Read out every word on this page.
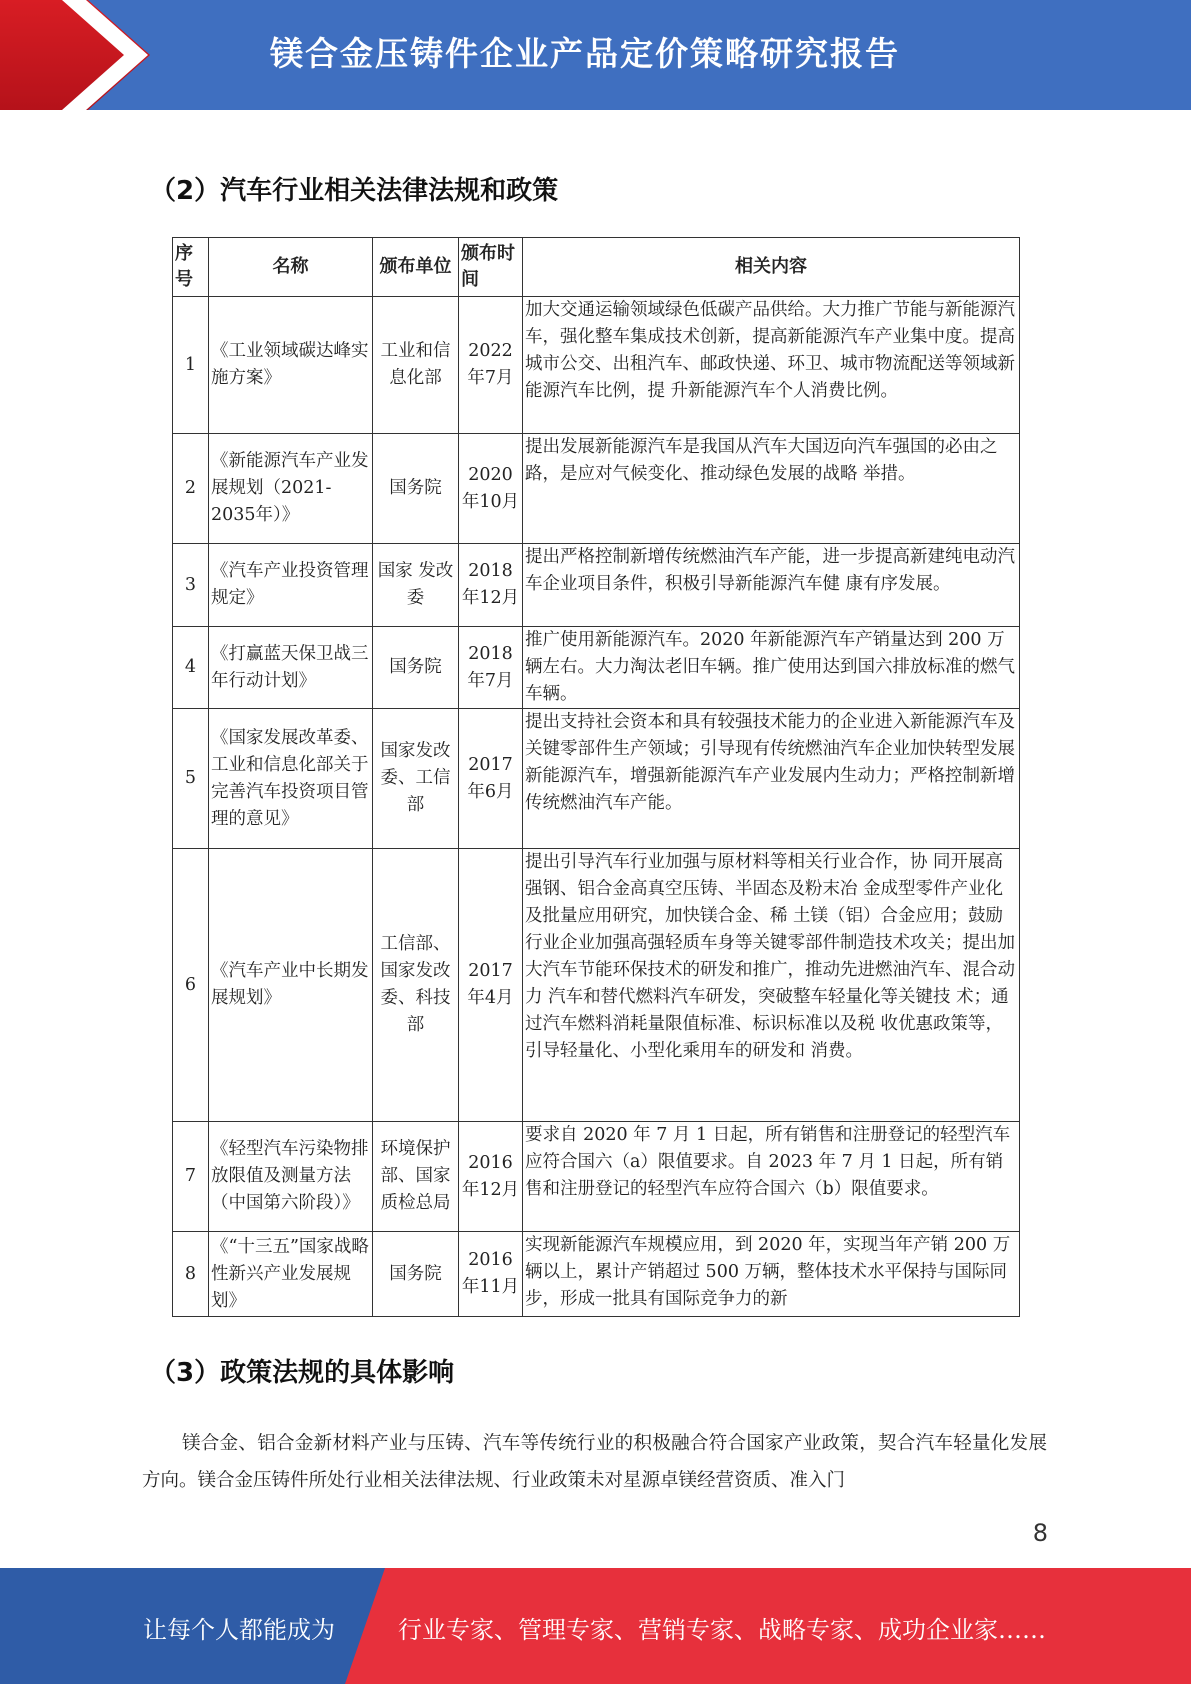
镁合金压铸件企业产品定价策略研究报告
（2）汽车行业相关法律法规和政策
序号	名称	颁布单位	颁布时间	相关内容
1	《工业领域碳达峰实施方案》	工业和信息化部	2022年7月	加大交通运输领域绿色低碳产品供给。大力推广节能与新能源汽车，强化整车集成技术创新，提高新能源汽车产业集中度。提高城市公交、出租汽车、邮政快递、环卫、城市物流配送等领域新能源汽车比例，提 升新能源汽车个人消费比例。
2	《新能源汽车产业发展规划（2021-2035年）》	国务院	2020年10月	提出发展新能源汽车是我国从汽车大国迈向汽车强国的必由之路，是应对气候变化、推动绿色发展的战略 举措。
3	《汽车产业投资管理规定》	国家 发改委	2018年12月	提出严格控制新增传统燃油汽车产能，进一步提高新建纯电动汽车企业项目条件，积极引导新能源汽车健 康有序发展。
4	《打赢蓝天保卫战三年行动计划》	国务院	2018年7月	推广使用新能源汽车。2020 年新能源汽车产销量达到 200 万辆左右。大力淘汰老旧车辆。推广使用达到国六排放标准的燃气车辆。
5	《国家发展改革委、工业和信息化部关于完善汽车投资项目管理的意见》	国家发改委、工信部	2017年6月	提出支持社会资本和具有较强技术能力的企业进入新能源汽车及关键零部件生产领域；引导现有传统燃油汽车企业加快转型发展新能源汽车，增强新能源汽车产业发展内生动力；严格控制新增传统燃油汽车产能。
6	《汽车产业中长期发展规划》	工信部、国家发改委、科技部	2017年4月	提出引导汽车行业加强与原材料等相关行业合作，协 同开展高强钢、铝合金高真空压铸、半固态及粉末冶 金成型零件产业化及批量应用研究，加快镁合金、稀 土镁（铝）合金应用；鼓励行业企业加强高强轻质车身等关键零部件制造技术攻关；提出加大汽车节能环保技术的研发和推广，推动先进燃油汽车、混合动力 汽车和替代燃料汽车研发，突破整车轻量化等关键技 术；通过汽车燃料消耗量限值标准、标识标准以及税 收优惠政策等，引导轻量化、小型化乘用车的研发和 消费。
7	《轻型汽车污染物排放限值及测量方法（中国第六阶段）》	环境保护部、国家质检总局	2016年12月	要求自 2020 年 7 月 1 日起，所有销售和注册登记的轻型汽车应符合国六（a）限值要求。自 2023 年 7 月 1 日起，所有销售和注册登记的轻型汽车应符合国六（b）限值要求。
8	《“十三五”国家战略性新兴产业发展规划》	国务院	2016年11月	实现新能源汽车规模应用，到 2020 年，实现当年产销 200 万辆以上，累计产销超过 500 万辆，整体技术水平保持与国际同步，形成一批具有国际竞争力的新
（3）政策法规的具体影响
镁合金、铝合金新材料产业与压铸、汽车等传统行业的积极融合符合国家产业政策，契合汽车轻量化发展方向。镁合金压铸件所处行业相关法律法规、行业政策未对星源卓镁经营资质、准入门
8
让每个人都能成为	行业专家、管理专家、营销专家、战略专家、成功企业家……
